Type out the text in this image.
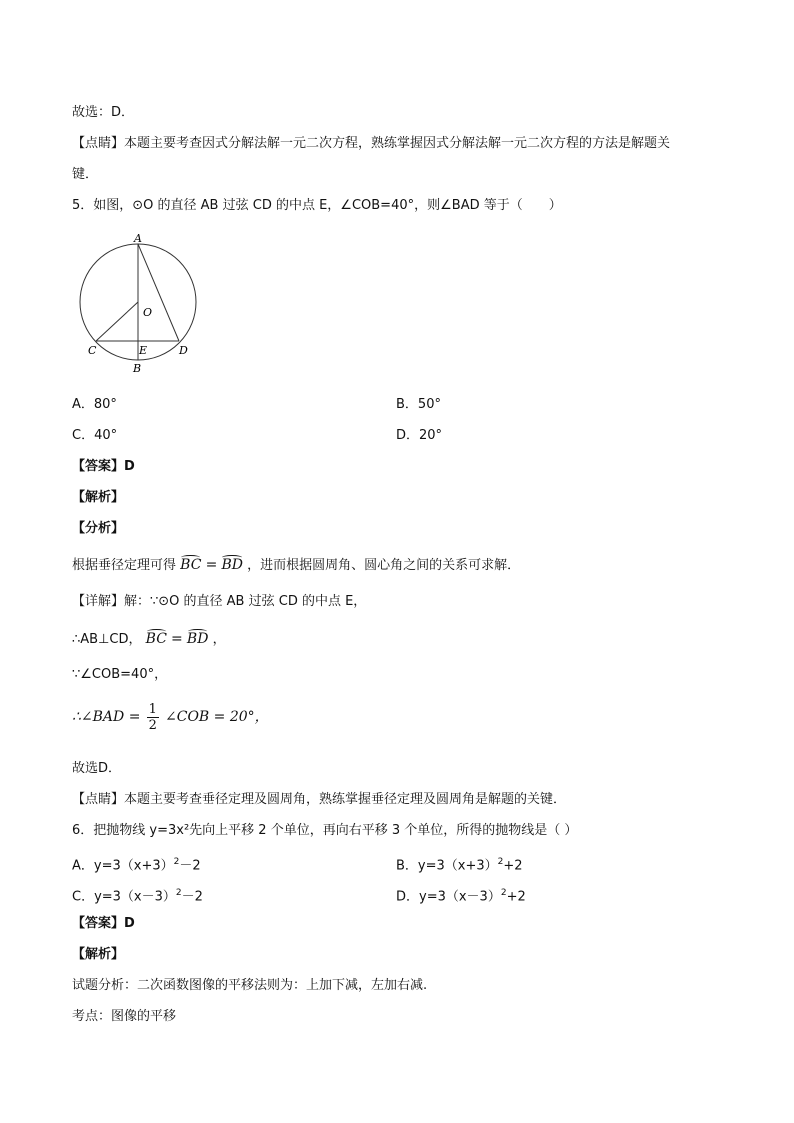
故选：D．
【点睛】本题主要考查因式分解法解一元二次方程，熟练掌握因式分解法解一元二次方程的方法是解题关
键．
5．如图，⊙O 的直径 AB 过弦 CD 的中点 E，∠COB=40°，则∠BAD 等于（　　）
A
O
C	E	D
B
A．80°	B．50°
C．40°	D．20°
【答案】D
【解析】
【分析】
根据垂径定理可得 BC = BD ，进而根据圆周角、圆心角之间的关系可求解．
【详解】解：∵⊙O 的直径 AB 过弦 CD 的中点 E，
∴AB⊥CD， BC = BD ，
∵∠COB=40°，
∴∠BAD = $\frac{1}{2}$ ∠COB = 20°，
故选D．
【点睛】本题主要考查垂径定理及圆周角，熟练掌握垂径定理及圆周角是解题的关键．
6．把抛物线 y=3x²先向上平移 2 个单位，再向右平移 3 个单位，所得的抛物线是（ ）
A．$y=3(x+3)^2-2$	B．$y=3(x+3)^2+2$
C．$y=3(x-3)^2-2$	D．$y=3(x-3)^2+2$
【答案】D
【解析】
试题分析：二次函数图像的平移法则为：上加下减，左加右减.
考点：图像的平移
